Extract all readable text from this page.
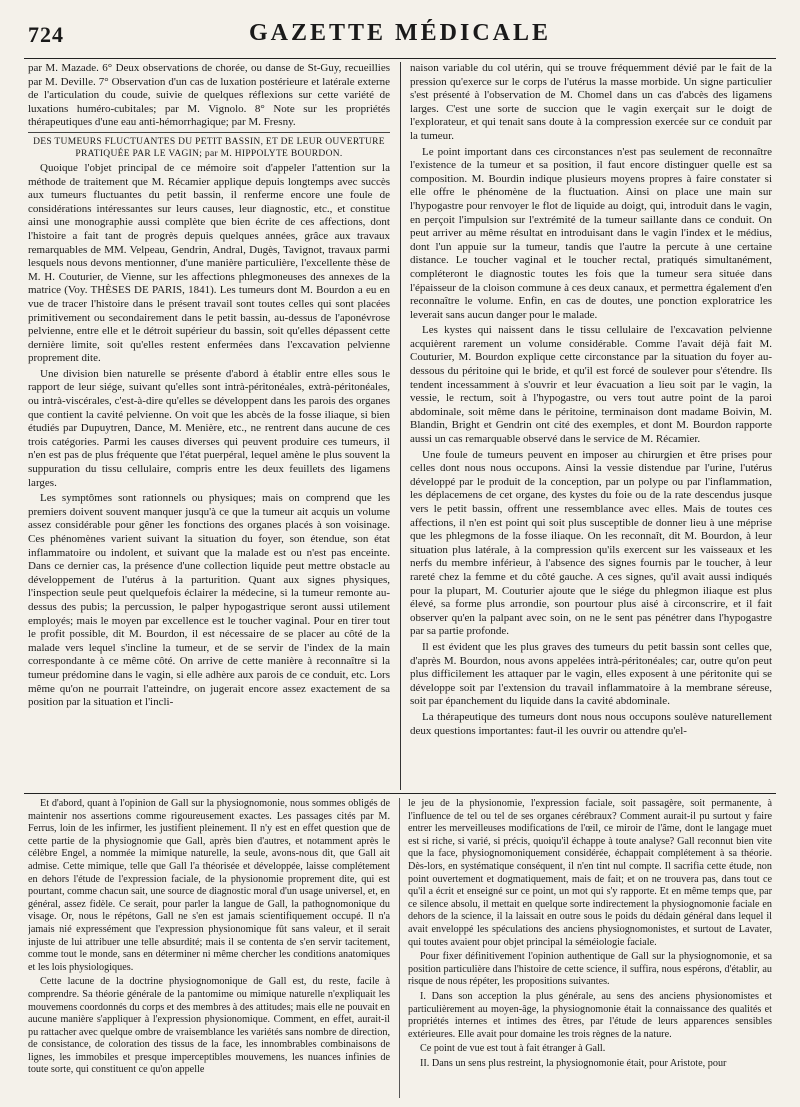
724	GAZETTE MÉDICALE

par M. Mazade. 6° Deux observations de chorée, ou danse de St-Guy, recueillies par M. Deville. 7° Observation d'un cas de luxation postérieure et latérale externe de l'articulation du coude, suivie de quelques réflexions sur cette variété de luxations huméro-cubitales; par M. Vignolo. 8° Note sur les propriétés thérapeutiques d'une eau anti-hémorrhagique; par M. Fresny.

DES TUMEURS FLUCTUANTES DU PETIT BASSIN, ET DE LEUR OUVERTURE PRATIQUÉE PAR LE VAGIN; par M. HIPPOLYTE BOURDON.

Quoique l'objet principal de ce mémoire soit d'appeler l'attention sur la méthode de traitement que M. Récamier applique depuis longtemps avec succès aux tumeurs fluctuantes du petit bassin, il renferme encore une foule de considérations intéressantes sur leurs causes, leur diagnostic, etc., et constitue ainsi une monographie aussi complète que bien écrite de ces affections, dont l'histoire a fait tant de progrès depuis quelques années, grâce aux travaux remarquables de MM. Velpeau, Gendrin, Andral, Dugès, Tavignot, travaux parmi lesquels nous devons mentionner, d'une manière particulière, l'excellente thèse de M. H. Couturier, de Vienne, sur les affections phlegmoneuses des annexes de la matrice (Voy. THÈSES DE PARIS, 1841). Les tumeurs dont M. Bourdon a eu en vue de tracer l'histoire dans le présent travail sont toutes celles qui sont placées primitivement ou secondairement dans le petit bassin, au-dessus de l'aponévrose pelvienne, entre elle et le détroit supérieur du bassin, soit qu'elles dépassent cette dernière limite, soit qu'elles restent enfermées dans l'excavation pelvienne proprement dite.

Une division bien naturelle se présente d'abord à établir entre elles sous le rapport de leur siége, suivant qu'elles sont intrà-péritonéales, extrà-péritonéales, ou intrà-viscérales, c'est-à-dire qu'elles se développent dans les parois des organes que contient la cavité pelvienne. On voit que les abcès de la fosse iliaque, si bien étudiés par Dupuytren, Dance, M. Menière, etc., ne rentrent dans aucune de ces trois catégories. Parmi les causes diverses qui peuvent produire ces tumeurs, il n'en est pas de plus fréquente que l'état puerpéral, lequel amène le plus souvent la suppuration du tissu cellulaire, compris entre les deux feuillets des ligamens larges.

Les symptômes sont rationnels ou physiques; mais on comprend que les premiers doivent souvent manquer jusqu'à ce que la tumeur ait acquis un volume assez considérable pour gêner les fonctions des organes placés à son voisinage. Ces phénomènes varient suivant la situation du foyer, son étendue, son état inflammatoire ou indolent, et suivant que la malade est ou n'est pas enceinte. Dans ce dernier cas, la présence d'une collection liquide peut mettre obstacle au développement de l'utérus à la parturition. Quant aux signes physiques, l'inspection seule peut quelquefois éclairer la médecine, si la tumeur remonte au-dessus des pubis; la percussion, le palper hypogastrique seront aussi utilement employés; mais le moyen par excellence est le toucher vaginal. Pour en tirer tout le profit possible, dit M. Bourdon, il est nécessaire de se placer au côté de la malade vers lequel s'incline la tumeur, et de se servir de l'index de la main correspondante à ce même côté. On arrive de cette manière à reconnaître si la tumeur prédomine dans le vagin, si elle adhère aux parois de ce conduit, etc. Lors même qu'on ne pourrait l'atteindre, on jugerait encore assez exactement de sa position par la situation et l'incli-

naison variable du col utérin, qui se trouve fréquemment dévié par le fait de la pression qu'exerce sur le corps de l'utérus la masse morbide. Un signe particulier s'est présenté à l'observation de M. Chomel dans un cas d'abcès des ligamens larges. C'est une sorte de succion que le vagin exerçait sur le doigt de l'explorateur, et qui tenait sans doute à la compression exercée sur ce conduit par la tumeur.

Le point important dans ces circonstances n'est pas seulement de reconnaître l'existence de la tumeur et sa position, il faut encore distinguer quelle est sa composition. M. Bourdin indique plusieurs moyens propres à faire constater si elle offre le phénomène de la fluctuation. Ainsi on place une main sur l'hypogastre pour renvoyer le flot de liquide au doigt, qui, introduit dans le vagin, en perçoit l'impulsion sur l'extrémité de la tumeur saillante dans ce conduit. On peut arriver au même résultat en introduisant dans le vagin l'index et le médius, dont l'un appuie sur la tumeur, tandis que l'autre la percute à une certaine distance. Le toucher vaginal et le toucher rectal, pratiqués simultanément, compléteront le diagnostic toutes les fois que la tumeur sera située dans l'épaisseur de la cloison commune à ces deux canaux, et permettra également d'en reconnaître le volume. Enfin, en cas de doutes, une ponction exploratrice les leverait sans aucun danger pour le malade.

Les kystes qui naissent dans le tissu cellulaire de l'excavation pelvienne acquièrent rarement un volume considérable. Comme l'avait déjà fait M. Couturier, M. Bourdon explique cette circonstance par la situation du foyer au-dessous du péritoine qui le bride, et qu'il est forcé de soulever pour s'étendre. Ils tendent incessamment à s'ouvrir et leur évacuation a lieu soit par le vagin, la vessie, le rectum, soit à l'hypogastre, ou vers tout autre point de la paroi abdominale, soit même dans le péritoine, terminaison dont madame Boivin, M. Blandin, Bright et Gendrin ont cité des exemples, et dont M. Bourdon rapporte aussi un cas remarquable observé dans le service de M. Récamier.

Une foule de tumeurs peuvent en imposer au chirurgien et être prises pour celles dont nous nous occupons. Ainsi la vessie distendue par l'urine, l'utérus développé par le produit de la conception, par un polype ou par l'inflammation, les déplacemens de cet organe, des kystes du foie ou de la rate descendus jusque vers le petit bassin, offrent une ressemblance avec elles. Mais de toutes ces affections, il n'en est point qui soit plus susceptible de donner lieu à une méprise que les phlegmons de la fosse iliaque. On les reconnaît, dit M. Bourdon, à leur situation plus latérale, à la compression qu'ils exercent sur les vaisseaux et les nerfs du membre inférieur, à l'absence des signes fournis par le toucher, à leur rareté chez la femme et du côté gauche. A ces signes, qu'il avait aussi indiqués pour la plupart, M. Couturier ajoute que le siége du phlegmon iliaque est plus élevé, sa forme plus arrondie, son pourtour plus aisé à circonscrire, et il fait observer qu'en la palpant avec soin, on ne le sent pas pénétrer dans l'hypogastre par sa partie profonde.

Il est évident que les plus graves des tumeurs du petit bassin sont celles que, d'après M. Bourdon, nous avons appelées intrà-péritonéales; car, outre qu'on peut plus difficilement les attaquer par le vagin, elles exposent à une péritonite qui se développe soit par l'extension du travail inflammatoire à la membrane séreuse, soit par épanchement du liquide dans la cavité abdominale.

La thérapeutique des tumeurs dont nous nous occupons soulève naturellement deux questions importantes: faut-il les ouvrir ou attendre qu'el-

Et d'abord, quant à l'opinion de Gall sur la physiognomonie, nous sommes obligés de maintenir nos assertions comme rigoureusement exactes. Les passages cités par M. Ferrus, loin de les infirmer, les justifient pleinement. Il n'y est en effet question que de cette partie de la physiognomie que Gall, après bien d'autres, et notamment après le célèbre Engel, a nommée la mimique naturelle, la seule, avons-nous dit, que Gall ait admise. Cette mimique, telle que Gall l'a théorisée et développée, laisse complétement en dehors l'étude de l'expression faciale, de la physionomie proprement dite, qui est pourtant, comme chacun sait, une source de diagnostic moral d'un usage universel, et, en général, assez fidèle. Ce serait, pour parler la langue de Gall, la pathognomonique du visage. Or, nous le répétons, Gall ne s'en est jamais scientifiquement occupé. Il n'a jamais nié expressément que l'expression physionomique fût sans valeur, et il serait injuste de lui attribuer une telle absurdité; mais il se contenta de s'en servir tacitement, comme tout le monde, sans en déterminer ni même chercher les conditions anatomiques et les lois physiologiques.

Cette lacune de la doctrine physiognomonique de Gall est, du reste, facile à comprendre. Sa théorie générale de la pantomime ou mimique naturelle n'expliquait les mouvemens coordonnés du corps et des membres à des attitudes; mais elle ne pouvait en aucune manière s'appliquer à l'expression physionomique. Comment, en effet, aurait-il pu rattacher avec quelque ombre de vraisemblance les variétés sans nombre de direction, de consistance, de coloration des tissus de la face, les innombrables combinaisons de lignes, les immobiles et presque imperceptibles mouvemens, les nuances infinies de toute sorte, qui constituent ce qu'on appelle

le jeu de la physionomie, l'expression faciale, soit passagère, soit permanente, à l'influence de tel ou tel de ses organes cérébraux? Comment aurait-il pu surtout y faire entrer les merveilleuses modifications de l'œil, ce miroir de l'âme, dont le langage muet est si riche, si varié, si précis, quoiqu'il échappe à toute analyse? Gall reconnut bien vite que la face, physiognomoniquement considérée, échappait complétement à sa théorie. Dès-lors, en systématique conséquent, il n'en tint nul compte. Il sacrifia cette étude, non point ouvertement et dogmatiquement, mais de fait; et on ne trouvera pas, dans tout ce qu'il a écrit et enseigné sur ce point, un mot qui s'y rapporte. Et en même temps que, par ce silence absolu, il mettait en quelque sorte indirectement la physiognomonie faciale en dehors de la science, il la laissait en outre sous le poids du dédain général dans lequel il avait enveloppé les spéculations des anciens physiognomonistes, et surtout de Lavater, qui toutes avaient pour objet principal la séméiologie faciale.

Pour fixer définitivement l'opinion authentique de Gall sur la physiognomonie, et sa position particulière dans l'histoire de cette science, il suffira, nous espérons, d'établir, au risque de nous répéter, les propositions suivantes.

I. Dans son acception la plus générale, au sens des anciens physionomistes et particulièrement au moyen-âge, la physiognomonie était la connaissance des qualités et propriétés internes et intimes des êtres, par l'étude de leurs apparences sensibles extérieures. Elle avait pour domaine les trois règnes de la nature.

Ce point de vue est tout à fait étranger à Gall.

II. Dans un sens plus restreint, la physiognomonie était, pour Aristote, pour
